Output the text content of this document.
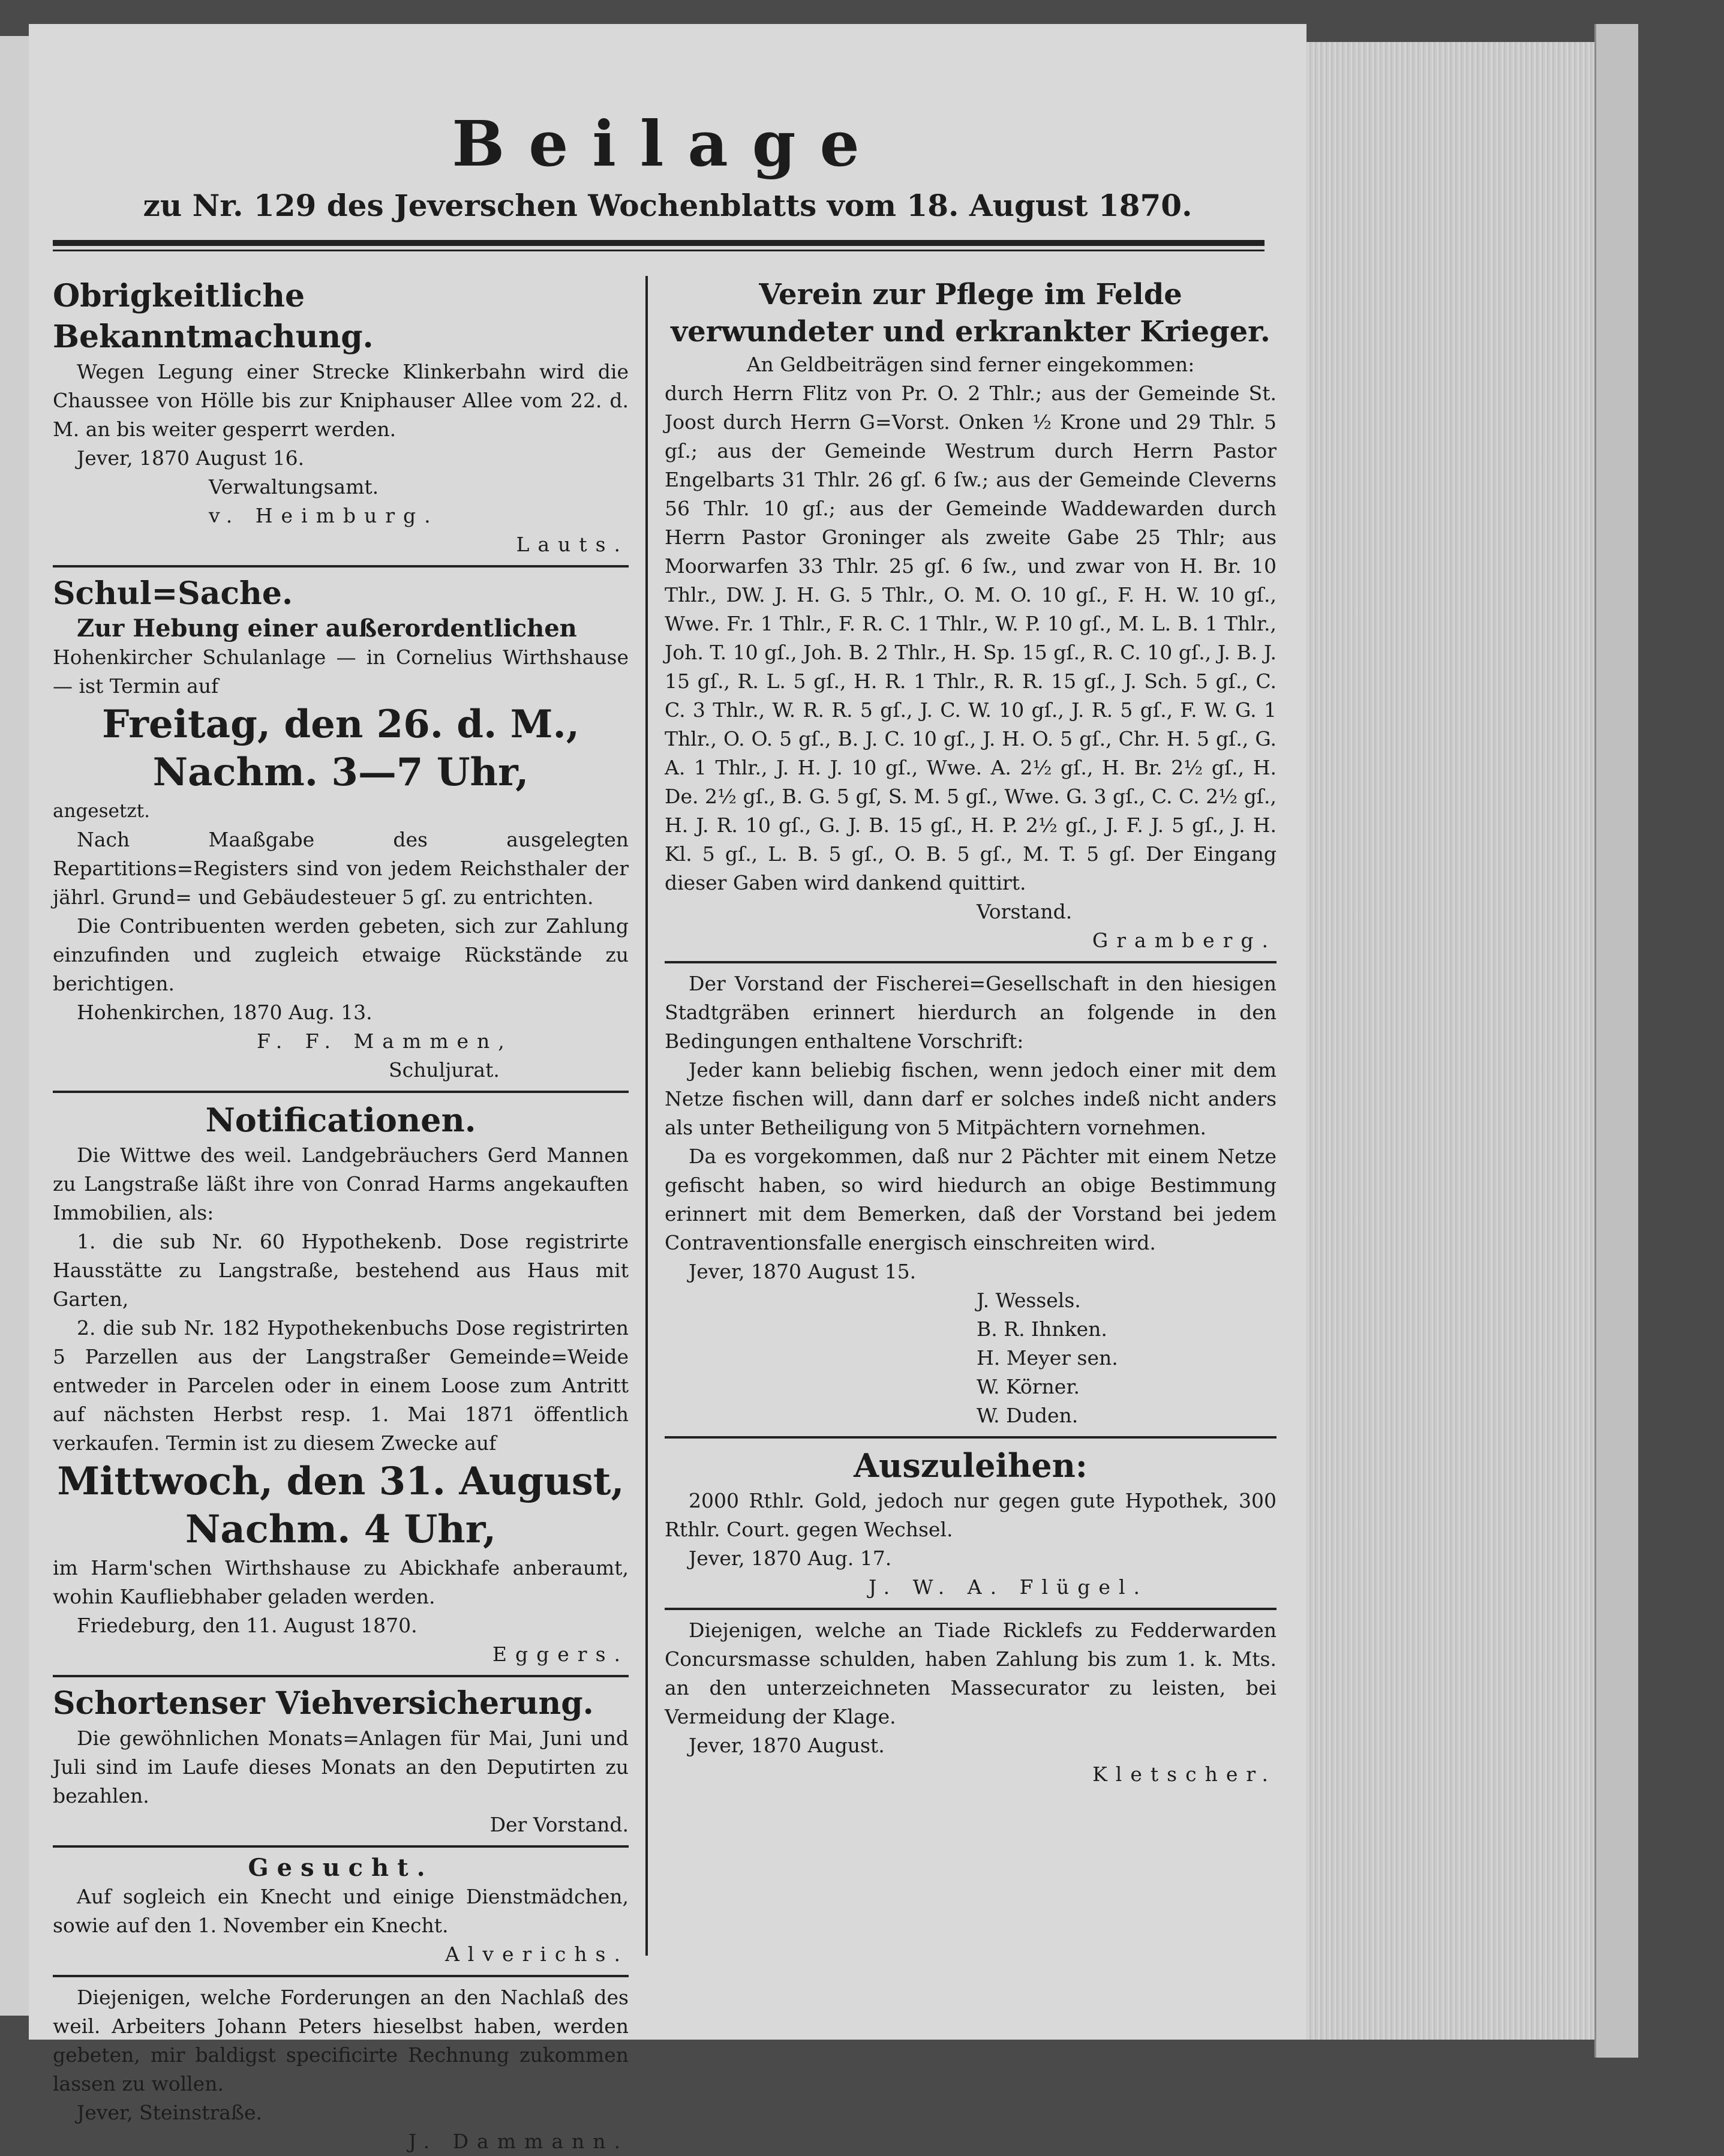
Beilage
zu Nr. 129 des Jeverschen Wochenblatts vom 18. August 1870.
Obrigkeitliche Bekanntmachung.
Wegen Legung einer Strecke Klinkerbahn wird die Chaussee von Hölle bis zur Kniphauser Allee vom 22. d. M. an bis weiter gesperrt werden.
Jever, 1870 August 16.
Verwaltungsamt.
v. Heimburg.
Lauts.
Schul=Sache.
Zur Hebung einer außerordentlichen
Hohenkircher Schulanlage — in Cornelius Wirthshause — ist Termin auf
Freitag, den 26. d. M.,
Nachm. 3—7 Uhr,
angesetzt.
Nach Maaßgabe des ausgelegten Repartitions=Registers sind von jedem Reichsthaler der jährl. Grund= und Gebäudesteuer 5 gſ. zu entrichten.
Die Contribuenten werden gebeten, sich zur Zahlung einzufinden und zugleich etwaige Rückstände zu berichtigen.
Hohenkirchen, 1870 Aug. 13.
F. F. Mammen,
Schuljurat.
Notificationen.
Die Wittwe des weil. Landgebräuchers Gerd Mannen zu Langstraße läßt ihre von Conrad Harms angekauften Immobilien, als:
1. die sub Nr. 60 Hypothekenb. Dose registrirte Hausstätte zu Langstraße, bestehend aus Haus mit Garten,
2. die sub Nr. 182 Hypothekenbuchs Dose registrirten 5 Parzellen aus der Langstraßer Gemeinde=Weide entweder in Parcelen oder in einem Loose zum Antritt auf nächsten Herbst resp. 1. Mai 1871 öffentlich verkaufen. Termin ist zu diesem Zwecke auf
Mittwoch, den 31. August,
Nachm. 4 Uhr,
im Harm'schen Wirthshause zu Abickhafe anberaumt, wohin Kaufliebhaber geladen werden.
Friedeburg, den 11. August 1870.
Eggers.
Schortenser Viehversicherung.
Die gewöhnlichen Monats=Anlagen für Mai, Juni und Juli sind im Laufe dieses Monats an den Deputirten zu bezahlen.
Der Vorstand.
Gesucht.
Auf sogleich ein Knecht und einige Dienstmädchen, sowie auf den 1. November ein Knecht.
Alverichs.
Diejenigen, welche Forderungen an den Nachlaß des weil. Arbeiters Johann Peters hieselbst haben, werden gebeten, mir baldigst specificirte Rechnung zukommen lassen zu wollen.
Jever, Steinstraße.
J. Dammann.
Verein zur Pflege im Felde verwundeter und erkrankter Krieger.
An Geldbeiträgen sind ferner eingekommen:
durch Herrn Flitz von Pr. O. 2 Thlr.; aus der Gemeinde St. Joost durch Herrn G=Vorst. Onken ½ Krone und 29 Thlr. 5 gſ.; aus der Gemeinde Westrum durch Herrn Pastor Engelbarts 31 Thlr. 26 gſ. 6 ſw.; aus der Gemeinde Cleverns 56 Thlr. 10 gſ.; aus der Gemeinde Waddewarden durch Herrn Pastor Groninger als zweite Gabe 25 Thlr; aus Moorwarfen 33 Thlr. 25 gſ. 6 ſw., und zwar von H. Br. 10 Thlr., DW. J. H. G. 5 Thlr., O. M. O. 10 gſ., F. H. W. 10 gſ., Wwe. Fr. 1 Thlr., F. R. C. 1 Thlr., W. P. 10 gſ., M. L. B. 1 Thlr., Joh. T. 10 gſ., Joh. B. 2 Thlr., H. Sp. 15 gſ., R. C. 10 gſ., J. B. J. 15 gſ., R. L. 5 gſ., H. R. 1 Thlr., R. R. 15 gſ., J. Sch. 5 gſ., C. C. 3 Thlr., W. R. R. 5 gſ., J. C. W. 10 gſ., J. R. 5 gſ., F. W. G. 1 Thlr., O. O. 5 gſ., B. J. C. 10 gſ., J. H. O. 5 gſ., Chr. H. 5 gſ., G. A. 1 Thlr., J. H. J. 10 gſ., Wwe. A. 2½ gſ., H. Br. 2½ gſ., H. De. 2½ gſ., B. G. 5 gſ, S. M. 5 gſ., Wwe. G. 3 gſ., C. C. 2½ gſ., H. J. R. 10 gſ., G. J. B. 15 gſ., H. P. 2½ gſ., J. F. J. 5 gſ., J. H. Kl. 5 gſ., L. B. 5 gſ., O. B. 5 gſ., M. T. 5 gſ. Der Eingang dieser Gaben wird dankend quittirt.
Vorstand.
Gramberg.
Der Vorstand der Fischerei=Gesellschaft in den hiesigen Stadtgräben erinnert hierdurch an folgende in den Bedingungen enthaltene Vorschrift:
Jeder kann beliebig fischen, wenn jedoch einer mit dem Netze fischen will, dann darf er solches indeß nicht anders als unter Betheiligung von 5 Mitpächtern vornehmen.
Da es vorgekommen, daß nur 2 Pächter mit einem Netze gefischt haben, so wird hiedurch an obige Bestimmung erinnert mit dem Bemerken, daß der Vorstand bei jedem Contraventionsfalle energisch einschreiten wird.
Jever, 1870 August 15.
J. Wessels.
B. R. Ihnken.
H. Meyer sen.
W. Körner.
W. Duden.
Auszuleihen:
2000 Rthlr. Gold, jedoch nur gegen gute Hypothek, 300 Rthlr. Court. gegen Wechsel.
Jever, 1870 Aug. 17.
J. W. A. Flügel.
Diejenigen, welche an Tiade Ricklefs zu Fedderwarden Concursmasse schulden, haben Zahlung bis zum 1. k. Mts. an den unterzeichneten Massecurator zu leisten, bei Vermeidung der Klage.
Jever, 1870 August.
Kletscher.
